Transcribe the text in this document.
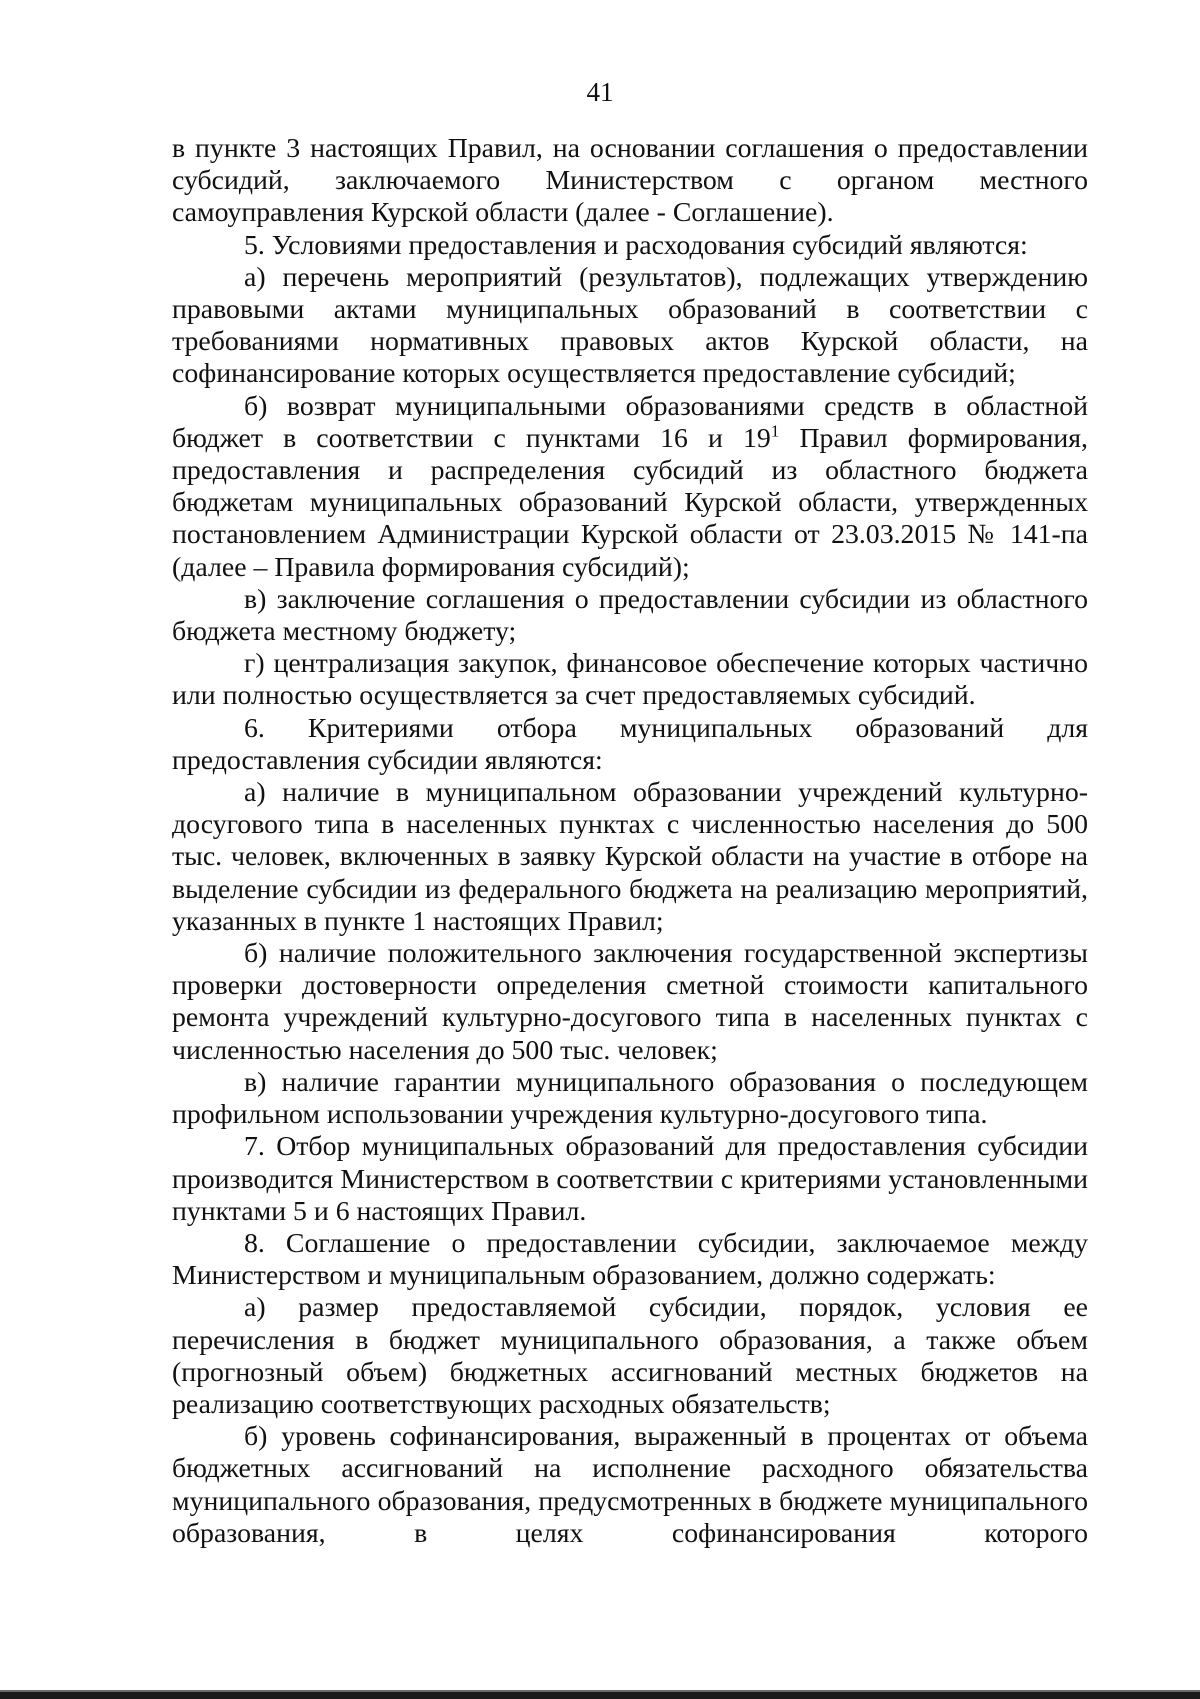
41

в пункте 3 настоящих Правил, на основании соглашения о предоставлении субсидий, заключаемого Министерством с органом местного самоуправления Курской области (далее - Соглашение).

5. Условиями предоставления и расходования субсидий являются:

а) перечень мероприятий (результатов), подлежащих утверждению правовыми актами муниципальных образований в соответствии с требованиями нормативных правовых актов Курской области, на софинансирование которых осуществляется предоставление субсидий;

б) возврат муниципальными образованиями средств в областной бюджет в соответствии с пунктами 16 и $19^1$ Правил формирования, предоставления и распределения субсидий из областного бюджета бюджетам муниципальных образований Курской области, утвержденных постановлением Администрации Курской области от 23.03.2015 № 141-па (далее – Правила формирования субсидий);

в) заключение соглашения о предоставлении субсидии из областного бюджета местному бюджету;

г) централизация закупок, финансовое обеспечение которых частично или полностью осуществляется за счет предоставляемых субсидий.

6. Критериями отбора муниципальных образований для предоставления субсидии являются:

а) наличие в муниципальном образовании учреждений культурно-досугового типа в населенных пунктах с численностью населения до 500 тыс. человек, включенных в заявку Курской области на участие в отборе на выделение субсидии из федерального бюджета на реализацию мероприятий, указанных в пункте 1 настоящих Правил;

б) наличие положительного заключения государственной экспертизы проверки достоверности определения сметной стоимости капитального ремонта учреждений культурно-досугового типа в населенных пунктах с численностью населения до 500 тыс. человек;

в) наличие гарантии муниципального образования о последующем профильном использовании учреждения культурно-досугового типа.

7. Отбор муниципальных образований для предоставления субсидии производится Министерством в соответствии с критериями установленными пунктами 5 и 6 настоящих Правил.

8. Соглашение о предоставлении субсидии, заключаемое между Министерством и муниципальным образованием, должно содержать:

а) размер предоставляемой субсидии, порядок, условия ее перечисления в бюджет муниципального образования, а также объем (прогнозный объем) бюджетных ассигнований местных бюджетов на реализацию соответствующих расходных обязательств;

б) уровень софинансирования, выраженный в процентах от объема бюджетных ассигнований на исполнение расходного обязательства муниципального образования, предусмотренных в бюджете муниципального образования, в целях софинансирования которого
